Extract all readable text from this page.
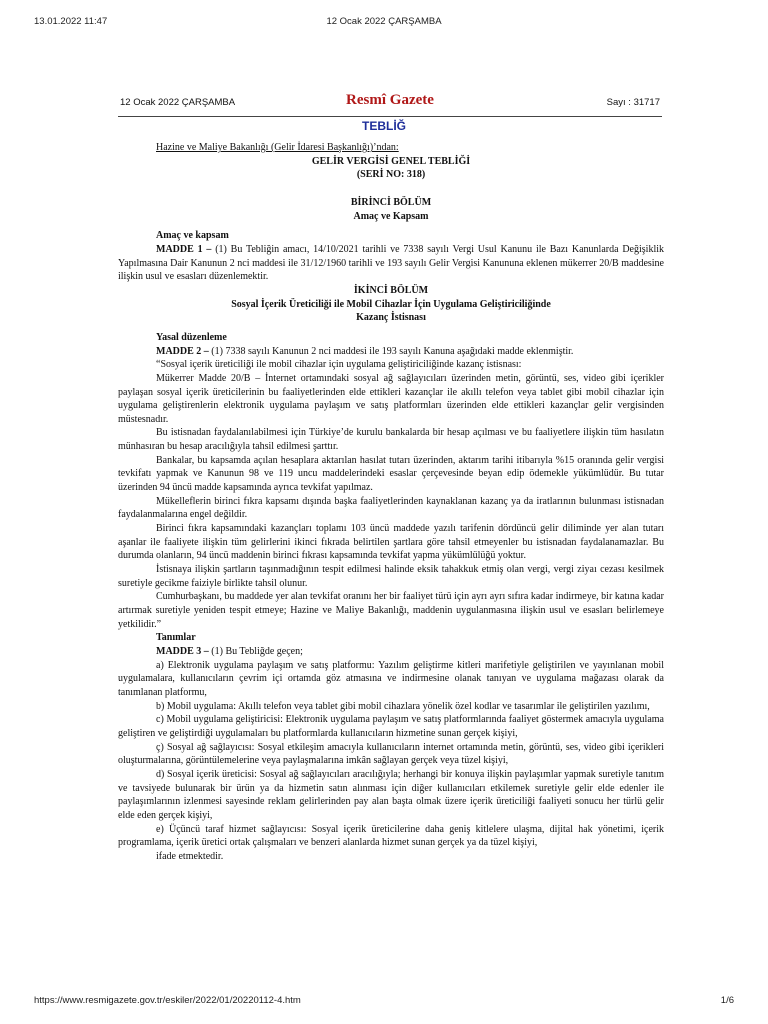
13.01.2022 11:47	12 Ocak 2022 ÇARŞAMBA
12 Ocak 2022 ÇARŞAMBA	Resmî Gazete	Sayı : 31717
TEBLİĞ

Hazine ve Maliye Bakanlığı (Gelir İdaresi Başkanlığı)’ndan:

GELİR VERGİSİ GENEL TEBLİĞİ

(SERİ NO: 318)

BİRİNCİ BÖLÜM

Amaç ve Kapsam

Amaç ve kapsam

MADDE 1 – (1) Bu Tebliğin amacı, 14/10/2021 tarihli ve 7338 sayılı Vergi Usul Kanunu ile Bazı Kanunlarda Değişiklik Yapılmasına Dair Kanunun 2 nci maddesi ile 31/12/1960 tarihli ve 193 sayılı Gelir Vergisi Kanununa eklenen mükerrer 20/B maddesine ilişkin usul ve esasları düzenlemektir.

İKİNCİ BÖLÜM

Sosyal İçerik Üreticiliği ile Mobil Cihazlar İçin Uygulama Geliştiriciliğinde

Kazanç İstisnası

Yasal düzenleme

MADDE 2 – (1) 7338 sayılı Kanunun 2 nci maddesi ile 193 sayılı Kanuna aşağıdaki madde eklenmiştir.

“Sosyal içerik üreticiliği ile mobil cihazlar için uygulama geliştiriciliğinde kazanç istisnası:

Mükerrer Madde 20/B – İnternet ortamındaki sosyal ağ sağlayıcıları üzerinden metin, görüntü, ses, video gibi içerikler paylaşan sosyal içerik üreticilerinin bu faaliyetlerinden elde ettikleri kazançlar ile akıllı telefon veya tablet gibi mobil cihazlar için uygulama geliştirenlerin elektronik uygulama paylaşım ve satış platformları üzerinden elde ettikleri kazançlar gelir vergisinden müstesnadır.

Bu istisnadan faydalanılabilmesi için Türkiye’de kurulu bankalarda bir hesap açılması ve bu faaliyetlere ilişkin tüm hasılatın münhasıran bu hesap aracılığıyla tahsil edilmesi şarttır.

Bankalar, bu kapsamda açılan hesaplara aktarılan hasılat tutarı üzerinden, aktarım tarihi itibarıyla %15 oranında gelir vergisi tevkifatı yapmak ve Kanunun 98 ve 119 uncu maddelerindeki esaslar çerçevesinde beyan edip ödemekle yükümlüdür. Bu tutar üzerinden 94 üncü madde kapsamında ayrıca tevkifat yapılmaz.

Mükelleflerin birinci fıkra kapsamı dışında başka faaliyetlerinden kaynaklanan kazanç ya da iratlarının bulunması istisnadan faydalanmalarına engel değildir.

Birinci fıkra kapsamındaki kazançları toplamı 103 üncü maddede yazılı tarifenin dördüncü gelir diliminde yer alan tutarı aşanlar ile faaliyete ilişkin tüm gelirlerini ikinci fıkrada belirtilen şartlara göre tahsil etmeyenler bu istisnadan faydalanamazlar. Bu durumda olanların, 94 üncü maddenin birinci fıkrası kapsamında tevkifat yapma yükümlülüğü yoktur.

İstisnaya ilişkin şartların taşınmadığının tespit edilmesi halinde eksik tahakkuk etmiş olan vergi, vergi ziyaı cezası kesilmek suretiyle gecikme faiziyle birlikte tahsil olunur.

Cumhurbaşkanı, bu maddede yer alan tevkifat oranını her bir faaliyet türü için ayrı ayrı sıfıra kadar indirmeye, bir katına kadar artırmak suretiyle yeniden tespit etmeye; Hazine ve Maliye Bakanlığı, maddenin uygulanmasına ilişkin usul ve esasları belirlemeye yetkilidir.”

Tanımlar

MADDE 3 – (1) Bu Tebliğde geçen;

a) Elektronik uygulama paylaşım ve satış platformu: Yazılım geliştirme kitleri marifetiyle geliştirilen ve yayınlanan mobil uygulamalara, kullanıcıların çevrim içi ortamda göz atmasına ve indirmesine olanak tanıyan ve uygulama mağazası olarak da tanımlanan platformu,

b) Mobil uygulama: Akıllı telefon veya tablet gibi mobil cihazlara yönelik özel kodlar ve tasarımlar ile geliştirilen yazılımı,

c) Mobil uygulama geliştiricisi: Elektronik uygulama paylaşım ve satış platformlarında faaliyet göstermek amacıyla uygulama geliştiren ve geliştirdiği uygulamaları bu platformlarda kullanıcıların hizmetine sunan gerçek kişiyi,

ç) Sosyal ağ sağlayıcısı: Sosyal etkileşim amacıyla kullanıcıların internet ortamında metin, görüntü, ses, video gibi içerikleri oluşturmalarına, görüntülemelerine veya paylaşmalarına imkân sağlayan gerçek veya tüzel kişiyi,

d) Sosyal içerik üreticisi: Sosyal ağ sağlayıcıları aracılığıyla; herhangi bir konuya ilişkin paylaşımlar yapmak suretiyle tanıtım ve tavsiyede bulunarak bir ürün ya da hizmetin satın alınması için diğer kullanıcıları etkilemek suretiyle gelir elde edenler ile paylaşımlarının izlenmesi sayesinde reklam gelirlerinden pay alan başta olmak üzere içerik üreticiliği faaliyeti sonucu her türlü gelir elde eden gerçek kişiyi,

e) Üçüncü taraf hizmet sağlayıcısı: Sosyal içerik üreticilerine daha geniş kitlelere ulaşma, dijital hak yönetimi, içerik programlama, içerik üretici ortak çalışmaları ve benzeri alanlarda hizmet sunan gerçek ya da tüzel kişiyi,

ifade etmektedir.

https://www.resmigazete.gov.tr/eskiler/2022/01/20220112-4.htm	1/6
